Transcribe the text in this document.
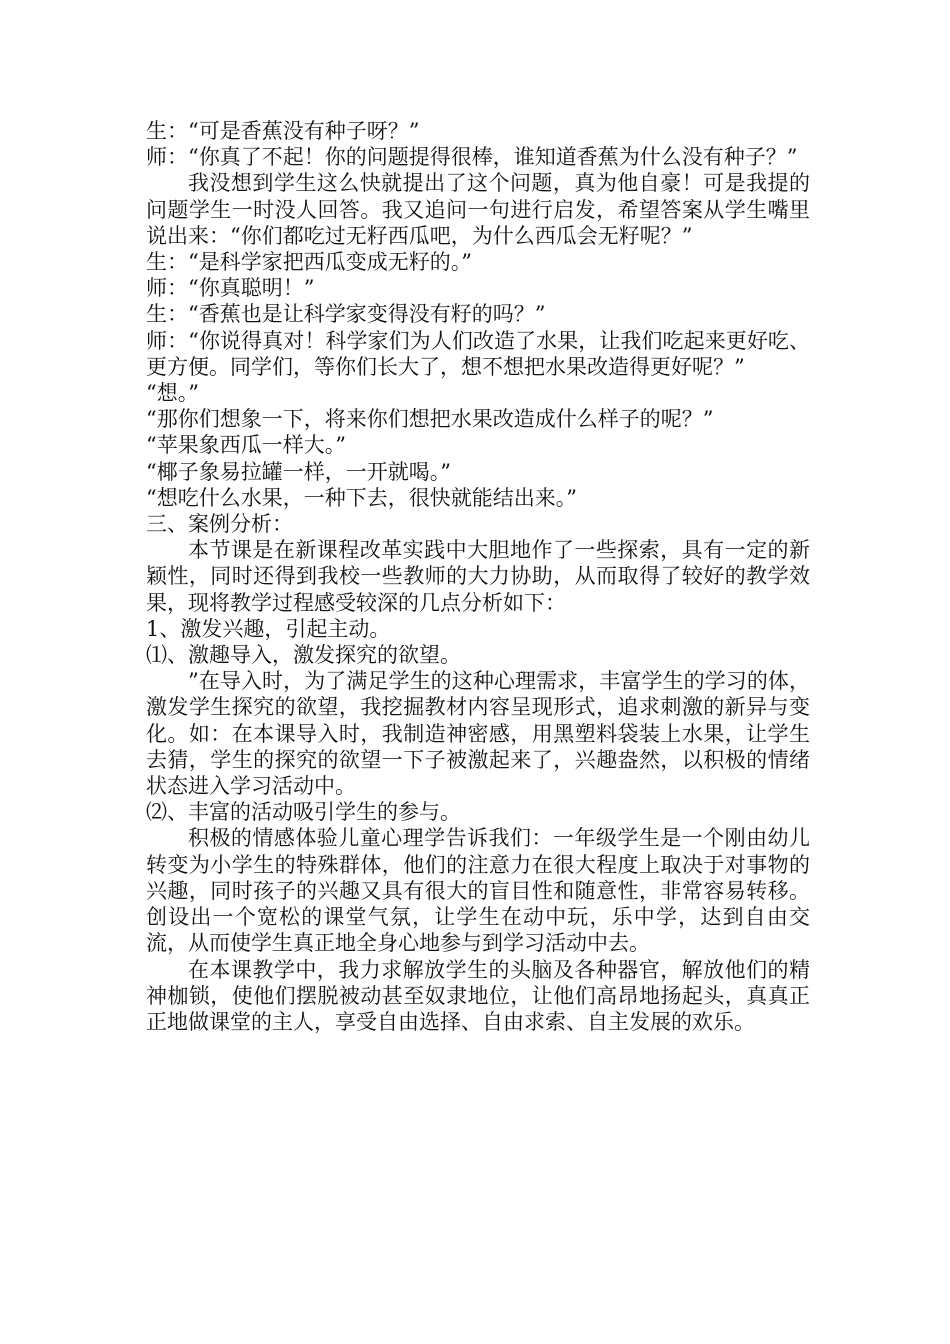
生：“可是香蕉没有种子呀？”

师：“你真了不起！你的问题提得很棒，谁知道香蕉为什么没有种子？”

我没想到学生这么快就提出了这个问题，真为他自豪！可是我提的问题学生一时没人回答。我又追问一句进行启发，希望答案从学生嘴里说出来：“你们都吃过无籽西瓜吧，为什么西瓜会无籽呢？”

生：“是科学家把西瓜变成无籽的。”

师：“你真聪明！”

生：“香蕉也是让科学家变得没有籽的吗？”

师：“你说得真对！科学家们为人们改造了水果，让我们吃起来更好吃、更方便。同学们，等你们长大了，想不想把水果改造得更好呢？”

“想。”

“那你们想象一下，将来你们想把水果改造成什么样子的呢？”

“苹果象西瓜一样大。”

“椰子象易拉罐一样，一开就喝。”

“想吃什么水果，一种下去，很快就能结出来。”

三、案例分析：

本节课是在新课程改革实践中大胆地作了一些探索，具有一定的新颖性，同时还得到我校一些教师的大力协助，从而取得了较好的教学效果，现将教学过程感受较深的几点分析如下：

1、激发兴趣，引起主动。

⑴、激趣导入，激发探究的欲望。

”在导入时，为了满足学生的这种心理需求，丰富学生的学习的体，激发学生探究的欲望，我挖掘教材内容呈现形式，追求刺激的新异与变化。如：在本课导入时，我制造神密感，用黑塑料袋装上水果，让学生去猜，学生的探究的欲望一下子被激起来了，兴趣盎然，以积极的情绪状态进入学习活动中。

⑵、丰富的活动吸引学生的参与。

积极的情感体验儿童心理学告诉我们：一年级学生是一个刚由幼儿转变为小学生的特殊群体，他们的注意力在很大程度上取决于对事物的兴趣，同时孩子的兴趣又具有很大的盲目性和随意性，非常容易转移。创设出一个宽松的课堂气氛，让学生在动中玩，乐中学，达到自由交流，从而使学生真正地全身心地参与到学习活动中去。

在本课教学中，我力求解放学生的头脑及各种器官，解放他们的精神枷锁，使他们摆脱被动甚至奴隶地位，让他们高昂地扬起头，真真正正地做课堂的主人，享受自由选择、自由求索、自主发展的欢乐。
